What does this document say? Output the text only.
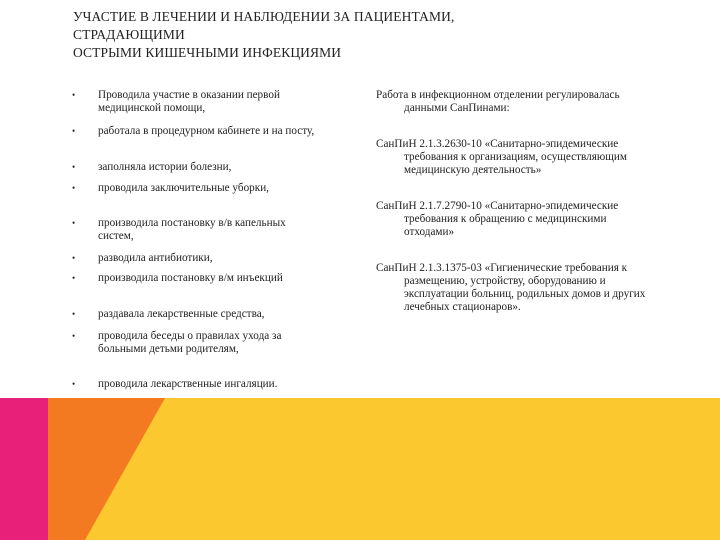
УЧАСТИЕ В ЛЕЧЕНИИ И НАБЛЮДЕНИИ ЗА ПАЦИЕНТАМИ,
СТРАДАЮЩИМИ
ОСТРЫМИ КИШЕЧНЫМИ ИНФЕКЦИЯМИ
•	Проводила участие в оказании первой медицинской помощи,
•	работала в процедурном кабинете и на посту,
•	заполняла истории болезни,
•	проводила заключительные уборки,
•	производила постановку в/в капельных систем,
•	разводила антибиотики,
•	производила постановку в/м инъекций
•	раздавала лекарственные средства,
•	проводила беседы о правилах ухода за больными детьми родителям,
•	проводила лекарственные ингаляции.

Работа в инфекционном отделении регулировалась данными СанПинами:

СанПиН 2.1.3.2630-10 «Санитарно-эпидемические требования к организациям, осуществляющим медицинскую деятельность»

СанПиН 2.1.7.2790-10 «Санитарно-эпидемические требования к обращению с медицинскими отходами»

СанПиН 2.1.3.1375-03 «Гигиенические требования к размещению, устройству, оборудованию и эксплуатации больниц, родильных домов и других лечебных стационаров».
